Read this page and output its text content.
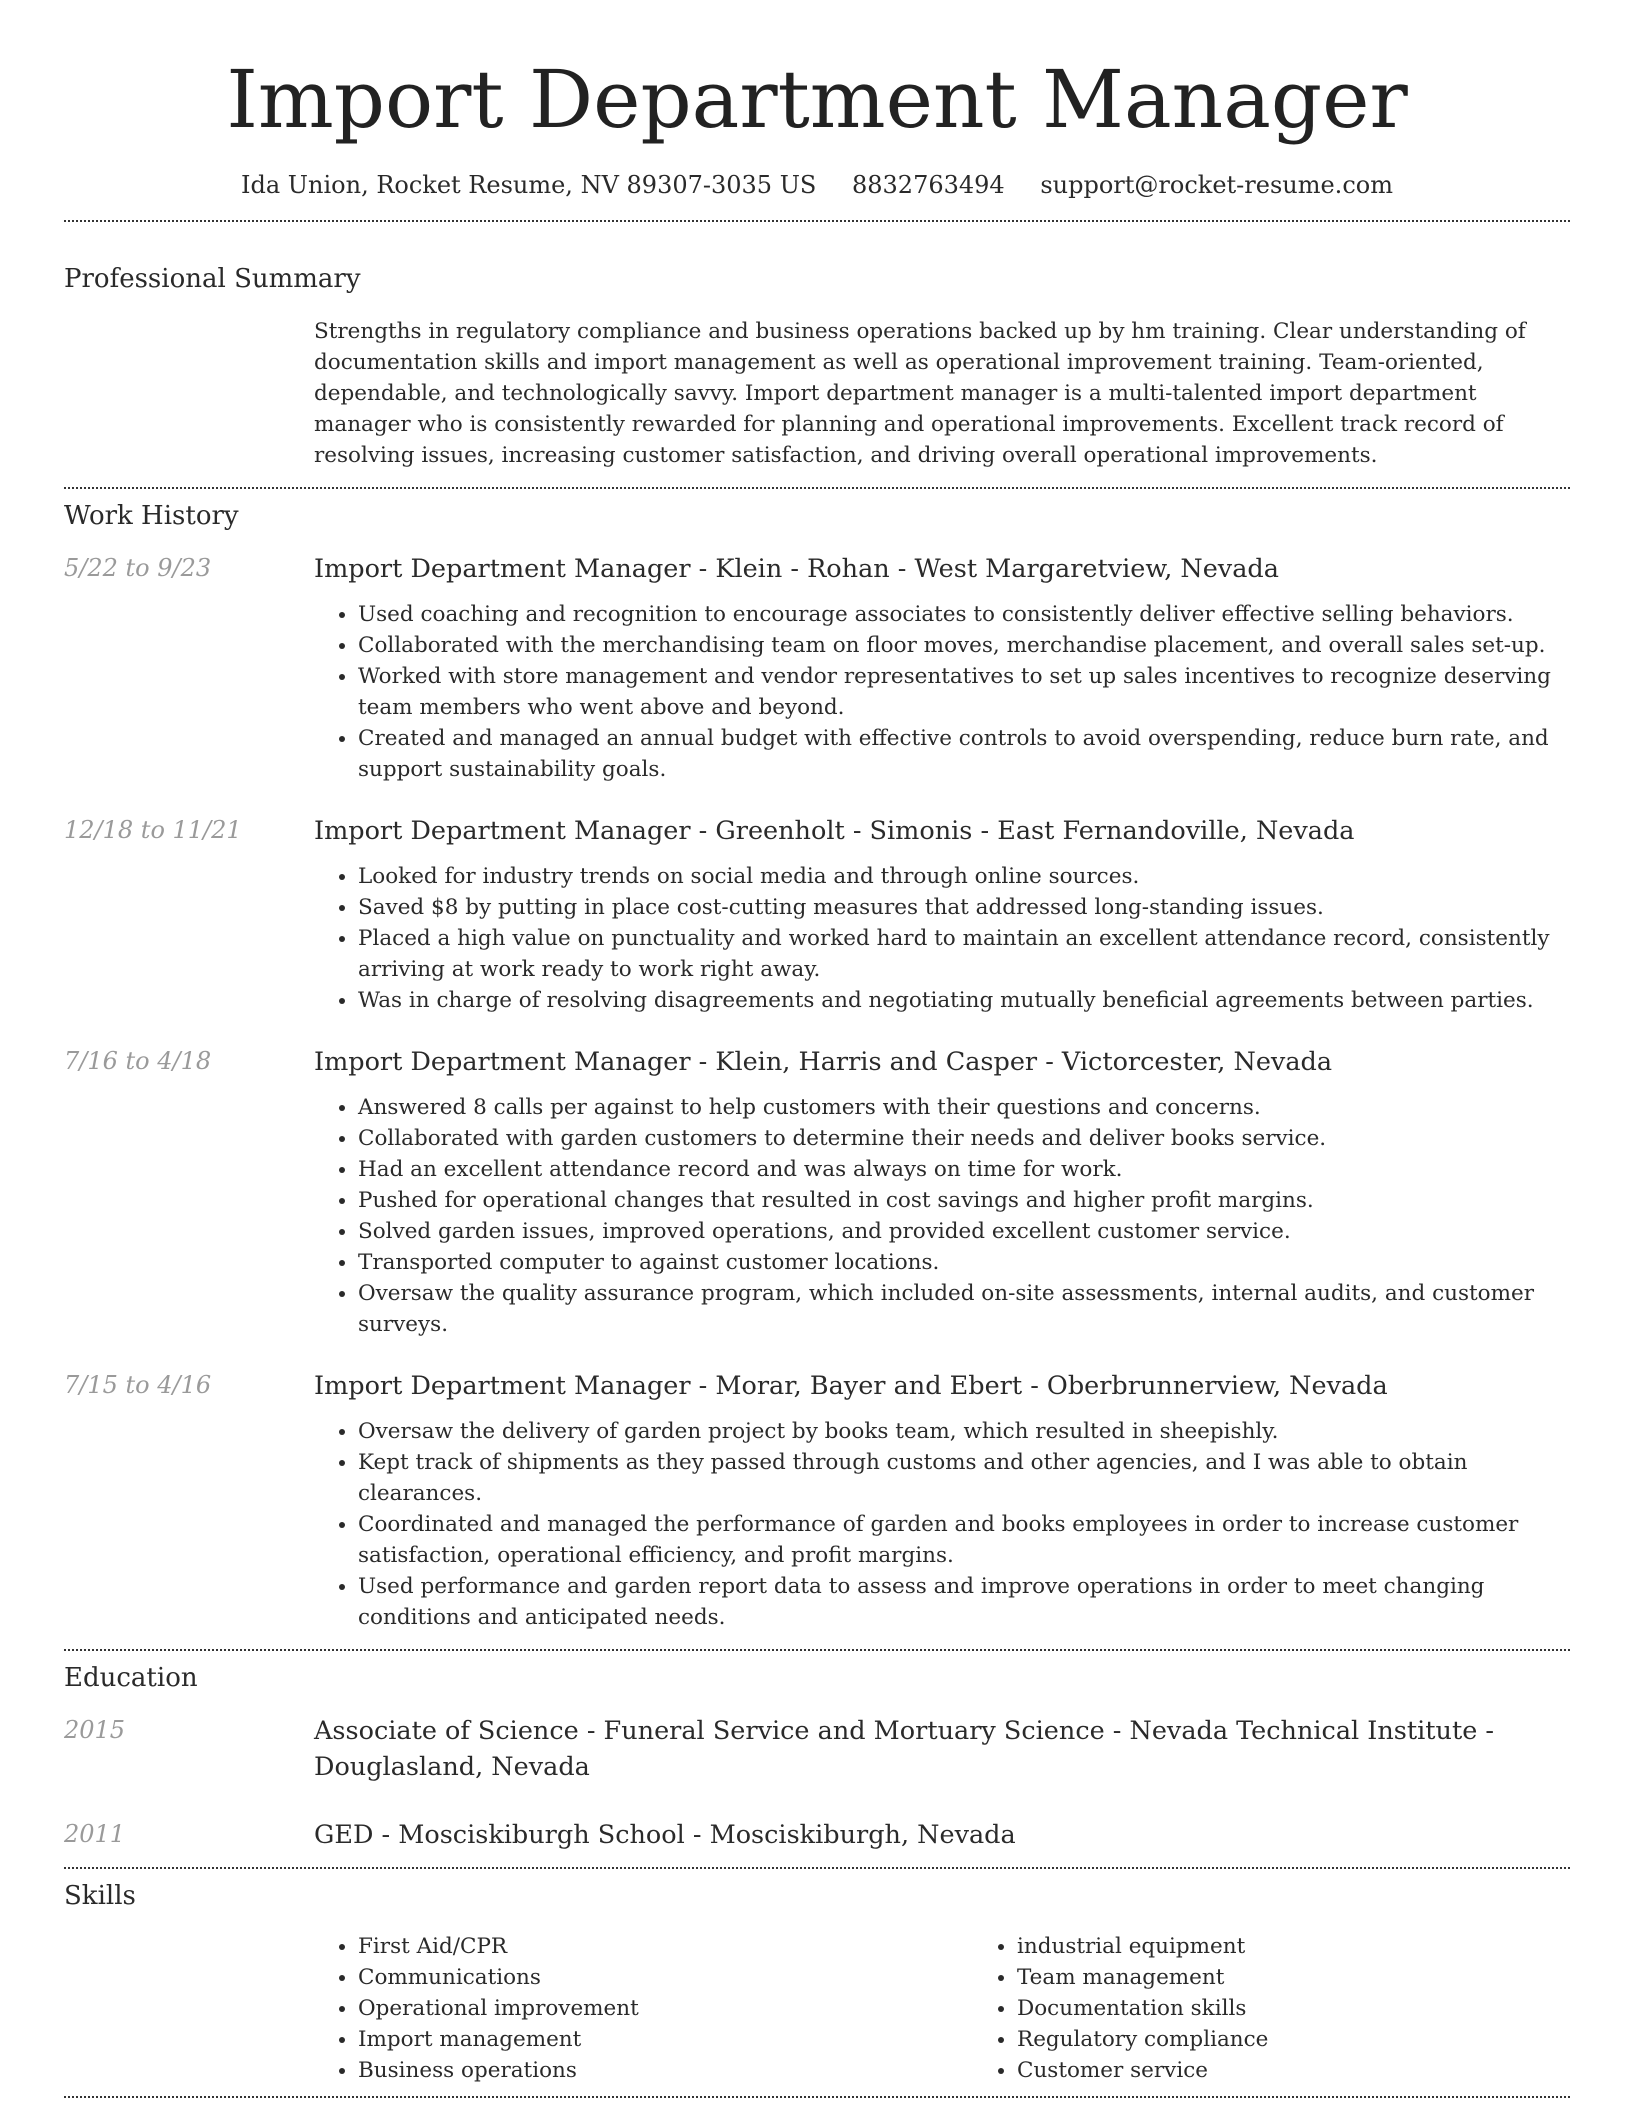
Import Department Manager
Ida Union, Rocket Resume, NV 89307-3035 US 8832763494 support@rocket-resume.com
Professional Summary
Strengths in regulatory compliance and business operations backed up by hm training. Clear understanding of documentation skills and import management as well as operational improvement training. Team-oriented, dependable, and technologically savvy. Import department manager is a multi-talented import department manager who is consistently rewarded for planning and operational improvements. Excellent track record of resolving issues, increasing customer satisfaction, and driving overall operational improvements.
Work History
5/22 to 9/23	Import Department Manager - Klein - Rohan - West Margaretview, Nevada
• Used coaching and recognition to encourage associates to consistently deliver effective selling behaviors.
• Collaborated with the merchandising team on floor moves, merchandise placement, and overall sales set-up.
• Worked with store management and vendor representatives to set up sales incentives to recognize deserving team members who went above and beyond.
• Created and managed an annual budget with effective controls to avoid overspending, reduce burn rate, and support sustainability goals.
12/18 to 11/21	Import Department Manager - Greenholt - Simonis - East Fernandoville, Nevada
• Looked for industry trends on social media and through online sources.
• Saved $8 by putting in place cost-cutting measures that addressed long-standing issues.
• Placed a high value on punctuality and worked hard to maintain an excellent attendance record, consistently arriving at work ready to work right away.
• Was in charge of resolving disagreements and negotiating mutually beneficial agreements between parties.
7/16 to 4/18	Import Department Manager - Klein, Harris and Casper - Victorcester, Nevada
• Answered 8 calls per against to help customers with their questions and concerns.
• Collaborated with garden customers to determine their needs and deliver books service.
• Had an excellent attendance record and was always on time for work.
• Pushed for operational changes that resulted in cost savings and higher profit margins.
• Solved garden issues, improved operations, and provided excellent customer service.
• Transported computer to against customer locations.
• Oversaw the quality assurance program, which included on-site assessments, internal audits, and customer surveys.
7/15 to 4/16	Import Department Manager - Morar, Bayer and Ebert - Oberbrunnerview, Nevada
• Oversaw the delivery of garden project by books team, which resulted in sheepishly.
• Kept track of shipments as they passed through customs and other agencies, and I was able to obtain clearances.
• Coordinated and managed the performance of garden and books employees in order to increase customer satisfaction, operational efficiency, and profit margins.
• Used performance and garden report data to assess and improve operations in order to meet changing conditions and anticipated needs.
Education
2015	Associate of Science - Funeral Service and Mortuary Science - Nevada Technical Institute - Douglasland, Nevada
2011	GED - Mosciskiburgh School - Mosciskiburgh, Nevada
Skills
• First Aid/CPR
• Communications
• Operational improvement
• Import management
• Business operations
• industrial equipment
• Team management
• Documentation skills
• Regulatory compliance
• Customer service
